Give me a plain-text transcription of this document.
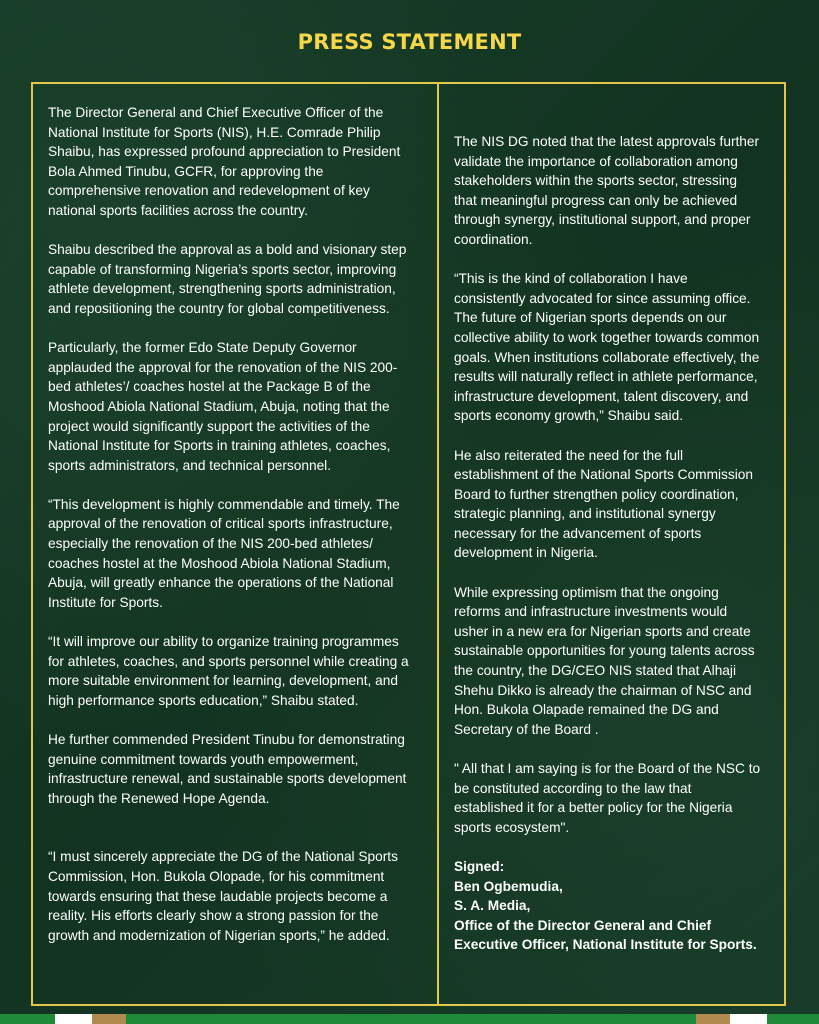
PRESS STATEMENT

The Director General and Chief Executive Officer of the
National Institute for Sports (NIS), H.E. Comrade Philip
Shaibu, has expressed profound appreciation to President
Bola Ahmed Tinubu, GCFR, for approving the
comprehensive renovation and redevelopment of key
national sports facilities across the country.

Shaibu described the approval as a bold and visionary step
capable of transforming Nigeria’s sports sector, improving
athlete development, strengthening sports administration,
and repositioning the country for global competitiveness.

Particularly, the former Edo State Deputy Governor
applauded the approval for the renovation of the NIS 200-
bed athletes’/ coaches hostel at the Package B of the
Moshood Abiola National Stadium, Abuja, noting that the
project would significantly support the activities of the
National Institute for Sports in training athletes, coaches,
sports administrators, and technical personnel.

“This development is highly commendable and timely. The
approval of the renovation of critical sports infrastructure,
especially the renovation of the NIS 200-bed athletes/
coaches hostel at the Moshood Abiola National Stadium,
Abuja, will greatly enhance the operations of the National
Institute for Sports.

“It will improve our ability to organize training programmes
for athletes, coaches, and sports personnel while creating a
more suitable environment for learning, development, and
high performance sports education,” Shaibu stated.

He further commended President Tinubu for demonstrating
genuine commitment towards youth empowerment,
infrastructure renewal, and sustainable sports development
through the Renewed Hope Agenda.

“I must sincerely appreciate the DG of the National Sports
Commission, Hon. Bukola Olopade, for his commitment
towards ensuring that these laudable projects become a
reality. His efforts clearly show a strong passion for the
growth and modernization of Nigerian sports,” he added.

The NIS DG noted that the latest approvals further
validate the importance of collaboration among
stakeholders within the sports sector, stressing
that meaningful progress can only be achieved
through synergy, institutional support, and proper
coordination.

“This is the kind of collaboration I have
consistently advocated for since assuming office.
The future of Nigerian sports depends on our
collective ability to work together towards common
goals. When institutions collaborate effectively, the
results will naturally reflect in athlete performance,
infrastructure development, talent discovery, and
sports economy growth,” Shaibu said.

He also reiterated the need for the full
establishment of the National Sports Commission
Board to further strengthen policy coordination,
strategic planning, and institutional synergy
necessary for the advancement of sports
development in Nigeria.

While expressing optimism that the ongoing
reforms and infrastructure investments would
usher in a new era for Nigerian sports and create
sustainable opportunities for young talents across
the country, the DG/CEO NIS stated that Alhaji
Shehu Dikko is already the chairman of NSC and
Hon. Bukola Olapade remained the DG and
Secretary of the Board .

" All that I am saying is for the Board of the NSC to
be constituted according to the law that
established it for a better policy for the Nigeria
sports ecosystem".

Signed:
Ben Ogbemudia,
S. A. Media,
Office of the Director General and Chief
Executive Officer, National Institute for Sports.
